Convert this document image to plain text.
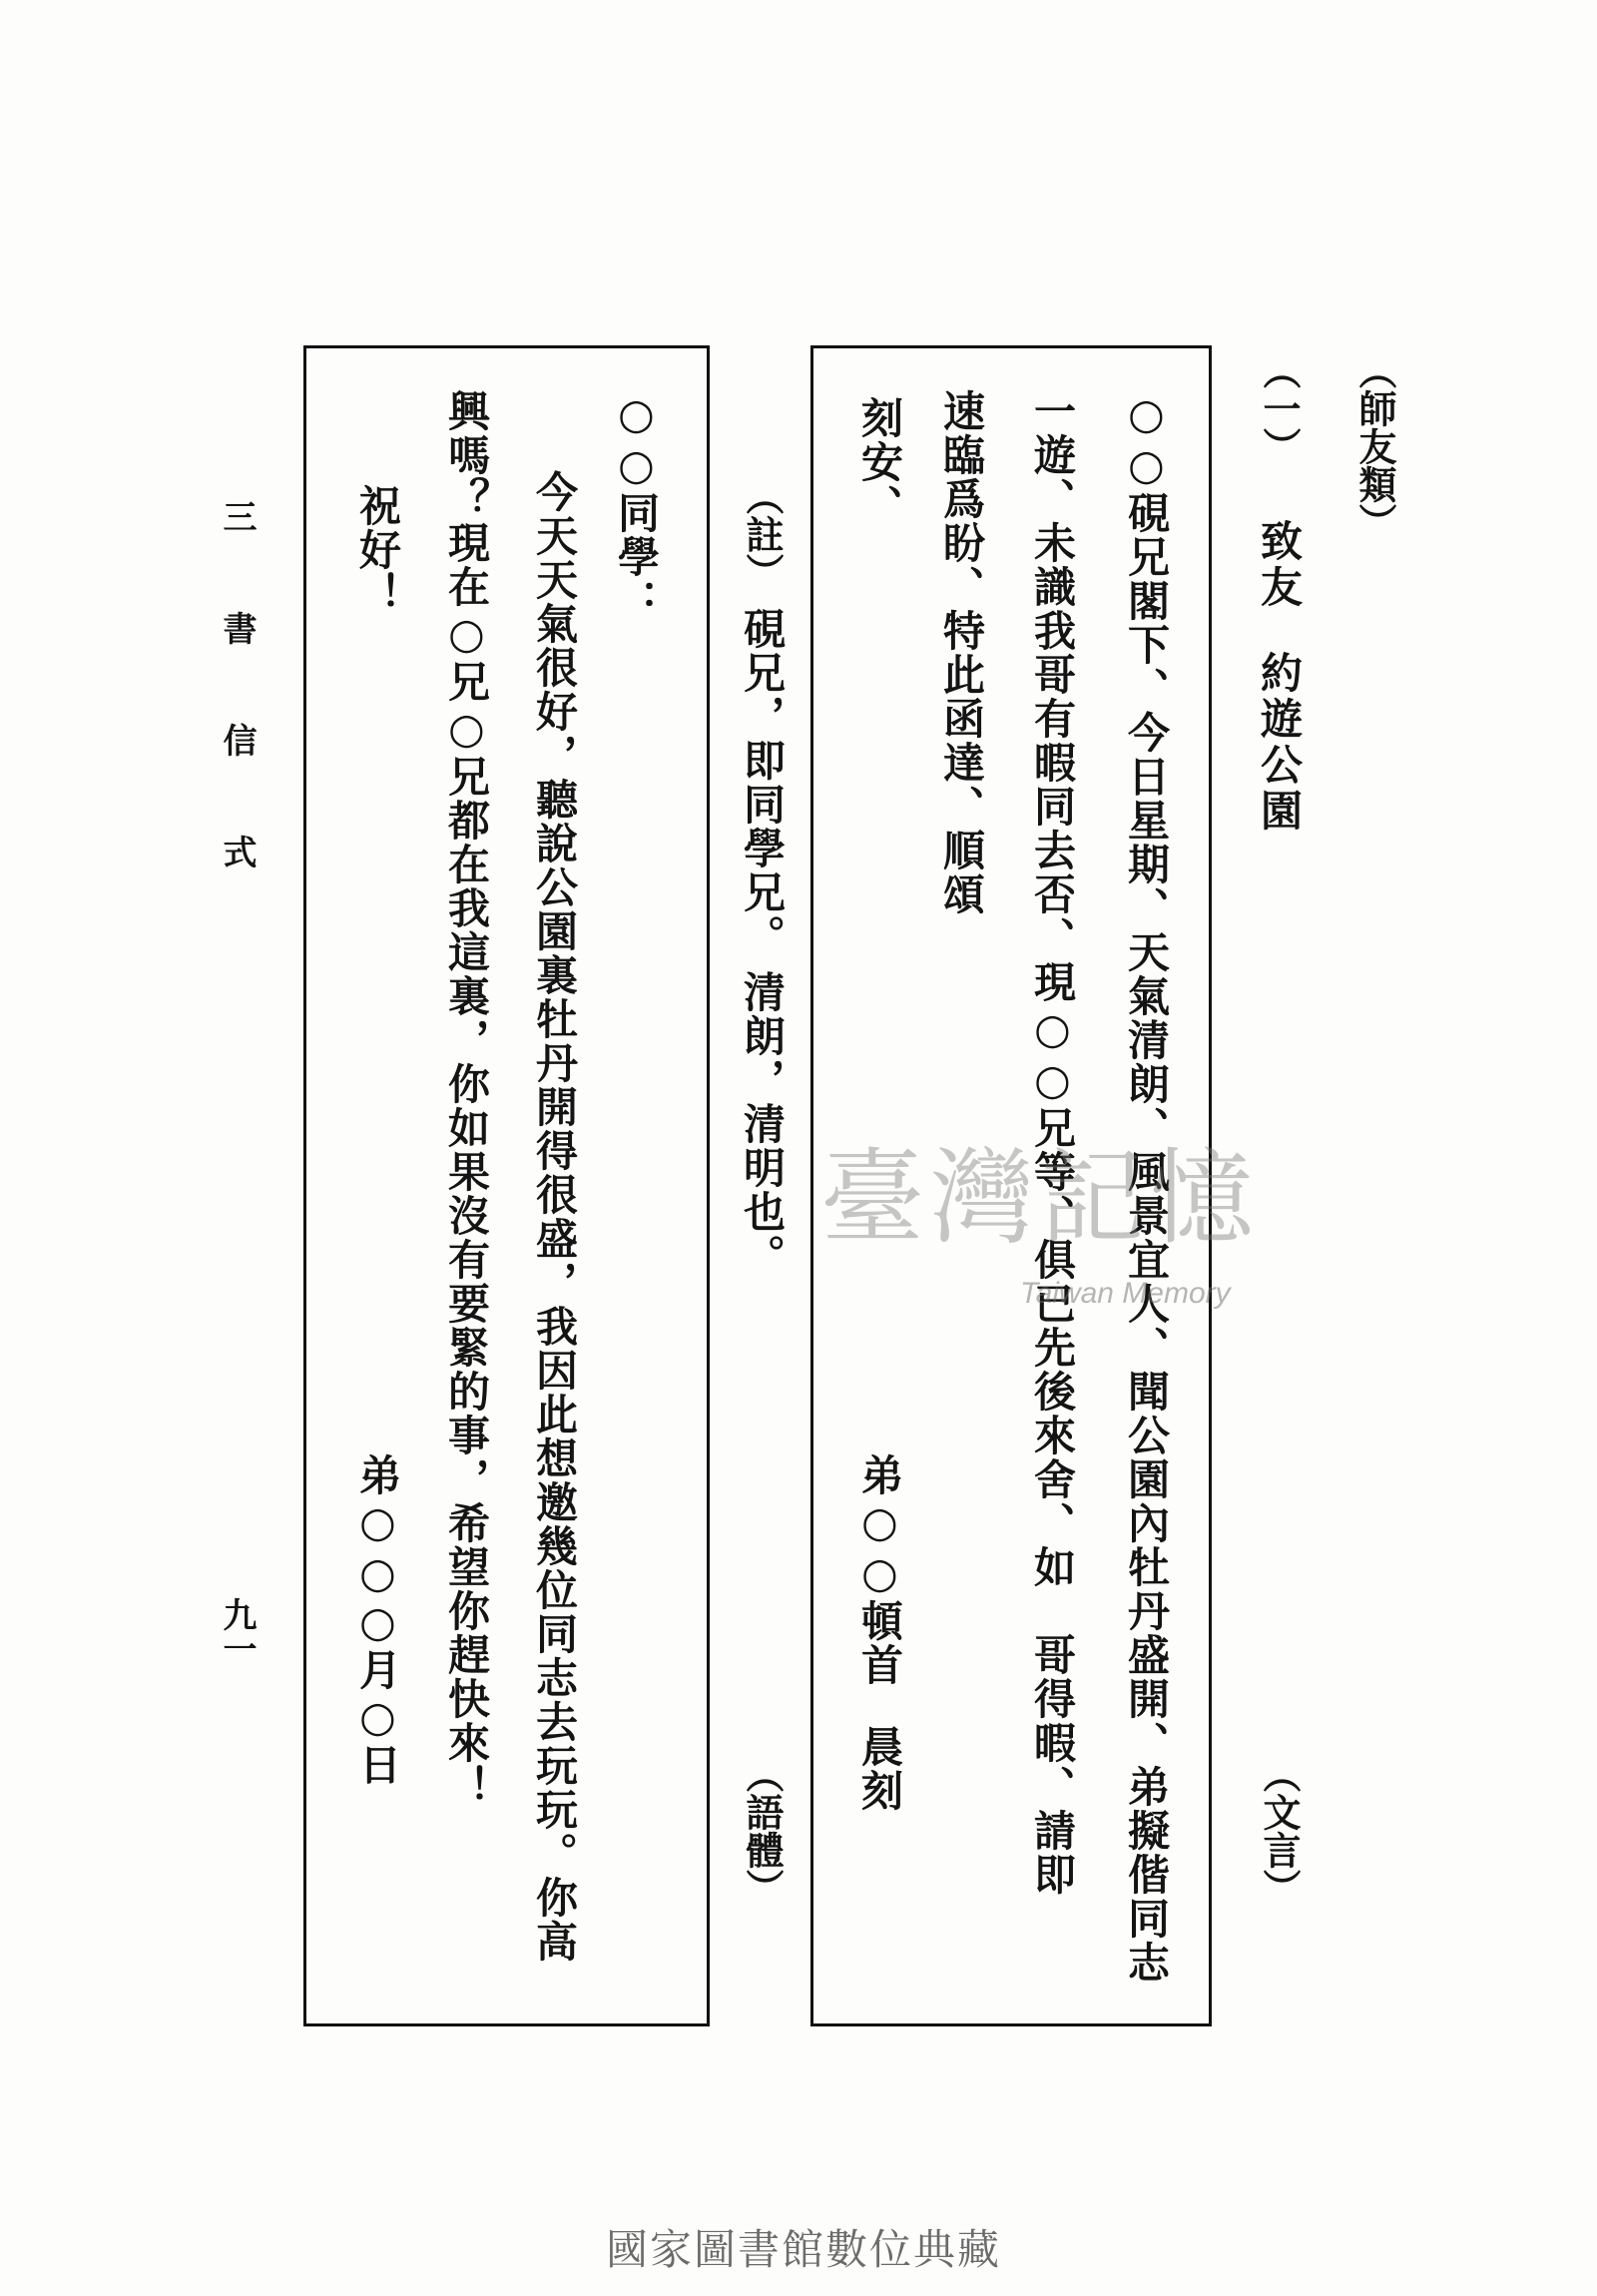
（師友類）
（一）
致友
約遊公園
（文言）
○○硯兄閣下、今日星期、天氣清朗、風景宜人、聞公園內牡丹盛開、弟擬偕同志
一遊、未識我哥有暇同去否、現○○兄等、俱已先後來舍、如　哥得暇、請即
速臨爲盼、特此函達、順頌
刻安、
弟○○頓首
晨刻
（註）
硯兄，即同學兄。
清朗，清明也。
（語體）
○○同學：
今天天氣很好，聽說公園裏牡丹開得很盛，我因此想邀幾位同志去玩玩。你高
興嗎？現在○兄○兄都在我這裏，你如果沒有要緊的事，希望你趕快來！
祝好！
弟○○
○月○日
三書信式
九一
臺灣記憶
Taiwan Memory
國家圖書館數位典藏
